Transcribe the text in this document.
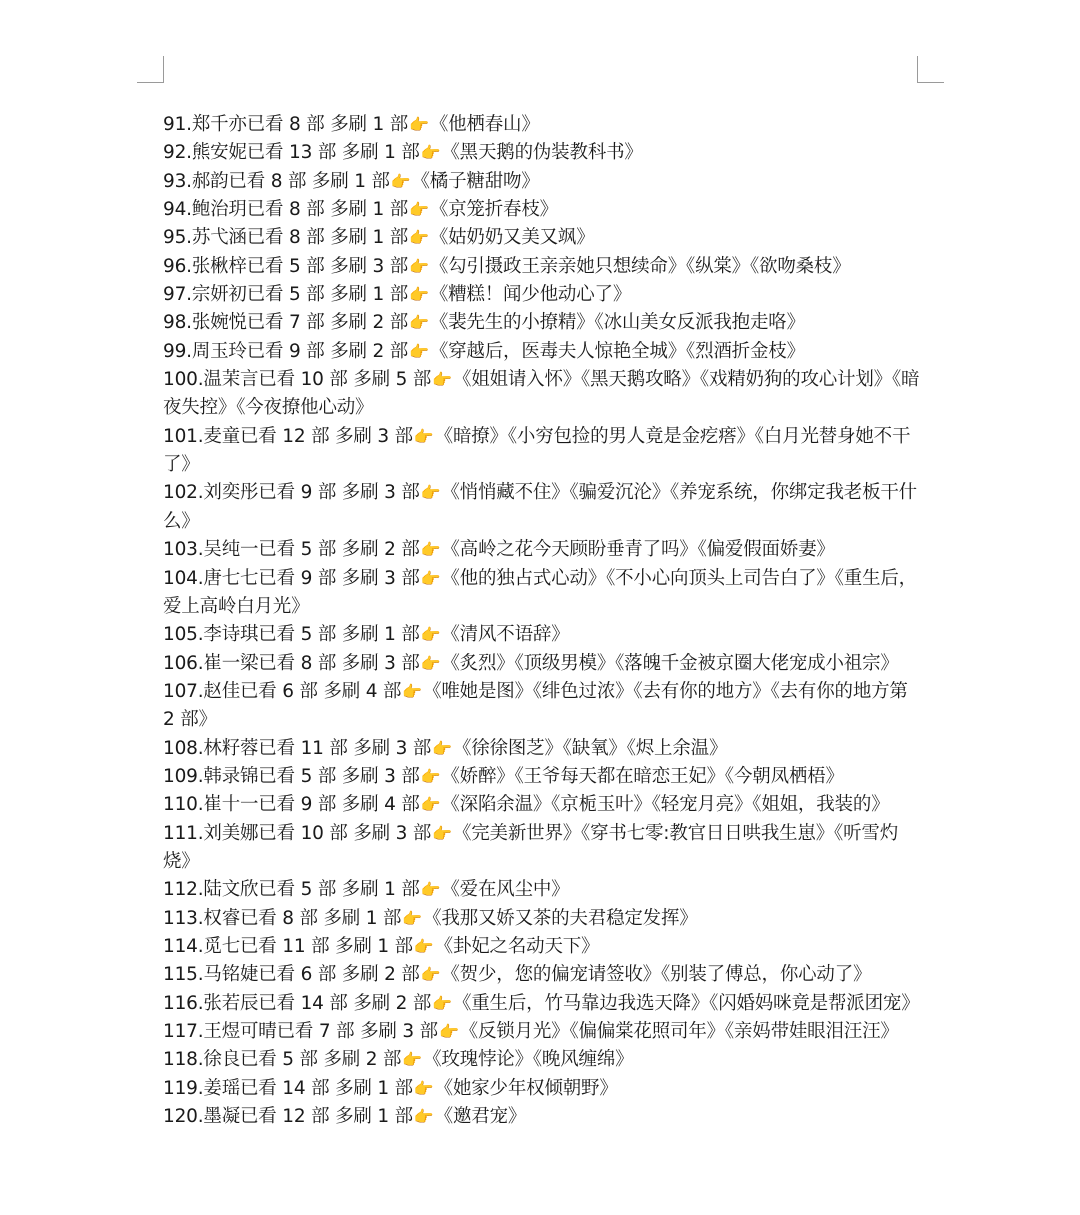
91.郑千亦已看 8 部 多刷 1 部👉《他栖春山》
92.熊安妮已看 13 部 多刷 1 部👉《黑天鹅的伪装教科书》
93.郝韵已看 8 部 多刷 1 部👉《橘子糖甜吻》
94.鲍治玥已看 8 部 多刷 1 部👉《京笼折春枝》
95.苏弋涵已看 8 部 多刷 1 部👉《姑奶奶又美又飒》
96.张楸梓已看 5 部 多刷 3 部👉《勾引摄政王亲亲她只想续命》《纵棠》《欲吻桑枝》
97.宗妍初已看 5 部 多刷 1 部👉《糟糕！闻少他动心了》
98.张婉悦已看 7 部 多刷 2 部👉《裴先生的小撩精》《冰山美女反派我抱走咯》
99.周玉玲已看 9 部 多刷 2 部👉《穿越后，医毒夫人惊艳全城》《烈酒折金枝》
100.温茉言已看 10 部 多刷 5 部👉《姐姐请入怀》《黑天鹅攻略》《戏精奶狗的攻心计划》《暗夜失控》《今夜撩他心动》
101.麦童已看 12 部 多刷 3 部👉《暗撩》《小穷包捡的男人竟是金疙瘩》《白月光替身她不干了》
102.刘奕彤已看 9 部 多刷 3 部👉《悄悄藏不住》《骗爱沉沦》《养宠系统，你绑定我老板干什么》
103.吴纯一已看 5 部 多刷 2 部👉《高岭之花今天顾盼垂青了吗》《偏爱假面娇妻》
104.唐七七已看 9 部 多刷 3 部👉《他的独占式心动》《不小心向顶头上司告白了》《重生后，爱上高岭白月光》
105.李诗琪已看 5 部 多刷 1 部👉《清风不语辞》
106.崔一梁已看 8 部 多刷 3 部👉《炙烈》《顶级男模》《落魄千金被京圈大佬宠成小祖宗》
107.赵佳已看 6 部 多刷 4 部👉《唯她是图》《绯色过浓》《去有你的地方》《去有你的地方第 2 部》
108.林籽蓉已看 11 部 多刷 3 部👉《徐徐图芝》《缺氧》《烬上余温》
109.韩录锦已看 5 部 多刷 3 部👉《娇醉》《王爷每天都在暗恋王妃》《今朝凤栖梧》
110.崔十一已看 9 部 多刷 4 部👉《深陷余温》《京栀玉叶》《轻宠月亮》《姐姐，我装的》
111.刘美娜已看 10 部 多刷 3 部👉《完美新世界》《穿书七零:教官日日哄我生崽》《听雪灼烧》
112.陆文欣已看 5 部 多刷 1 部👉《爱在风尘中》
113.权睿已看 8 部 多刷 1 部👉《我那又娇又茶的夫君稳定发挥》
114.觅七已看 11 部 多刷 1 部👉《卦妃之名动天下》
115.马铭婕已看 6 部 多刷 2 部👉《贺少，您的偏宠请签收》《别装了傅总，你心动了》
116.张若辰已看 14 部 多刷 2 部👉《重生后，竹马靠边我选天降》《闪婚妈咪竟是帮派团宠》
117.王煜可晴已看 7 部 多刷 3 部👉《反锁月光》《偏偏棠花照司年》《亲妈带娃眼泪汪汪》
118.徐良已看 5 部 多刷 2 部👉《玫瑰悖论》《晚风缠绵》
119.姜瑶已看 14 部 多刷 1 部👉《她家少年权倾朝野》
120.墨凝已看 12 部 多刷 1 部👉《邀君宠》
